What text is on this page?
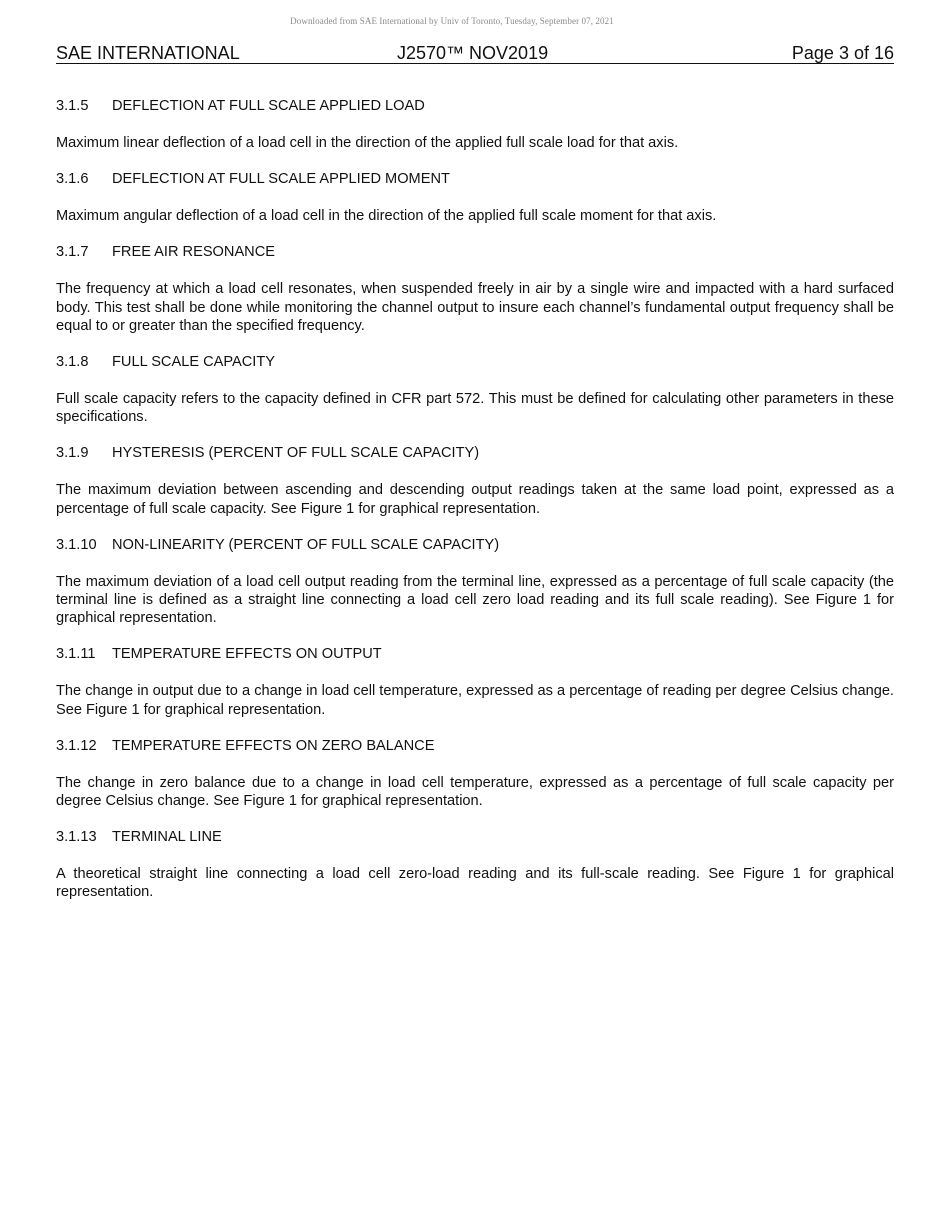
Downloaded from SAE International by Univ of Toronto, Tuesday, September 07, 2021
SAE INTERNATIONAL	J2570™ NOV2019	Page 3 of 16
3.1.5 DEFLECTION AT FULL SCALE APPLIED LOAD

Maximum linear deflection of a load cell in the direction of the applied full scale load for that axis.

3.1.6 DEFLECTION AT FULL SCALE APPLIED MOMENT

Maximum angular deflection of a load cell in the direction of the applied full scale moment for that axis.

3.1.7 FREE AIR RESONANCE

The frequency at which a load cell resonates, when suspended freely in air by a single wire and impacted with a hard surfaced body. This test shall be done while monitoring the channel output to insure each channel’s fundamental output frequency shall be equal to or greater than the specified frequency.

3.1.8 FULL SCALE CAPACITY

Full scale capacity refers to the capacity defined in CFR part 572. This must be defined for calculating other parameters in these specifications.

3.1.9 HYSTERESIS (PERCENT OF FULL SCALE CAPACITY)

The maximum deviation between ascending and descending output readings taken at the same load point, expressed as a percentage of full scale capacity. See Figure 1 for graphical representation.

3.1.10 NON-LINEARITY (PERCENT OF FULL SCALE CAPACITY)

The maximum deviation of a load cell output reading from the terminal line, expressed as a percentage of full scale capacity (the terminal line is defined as a straight line connecting a load cell zero load reading and its full scale reading). See Figure 1 for graphical representation.

3.1.11 TEMPERATURE EFFECTS ON OUTPUT

The change in output due to a change in load cell temperature, expressed as a percentage of reading per degree Celsius change. See Figure 1 for graphical representation.

3.1.12 TEMPERATURE EFFECTS ON ZERO BALANCE

The change in zero balance due to a change in load cell temperature, expressed as a percentage of full scale capacity per degree Celsius change. See Figure 1 for graphical representation.

3.1.13 TERMINAL LINE

A theoretical straight line connecting a load cell zero-load reading and its full-scale reading. See Figure 1 for graphical representation.
